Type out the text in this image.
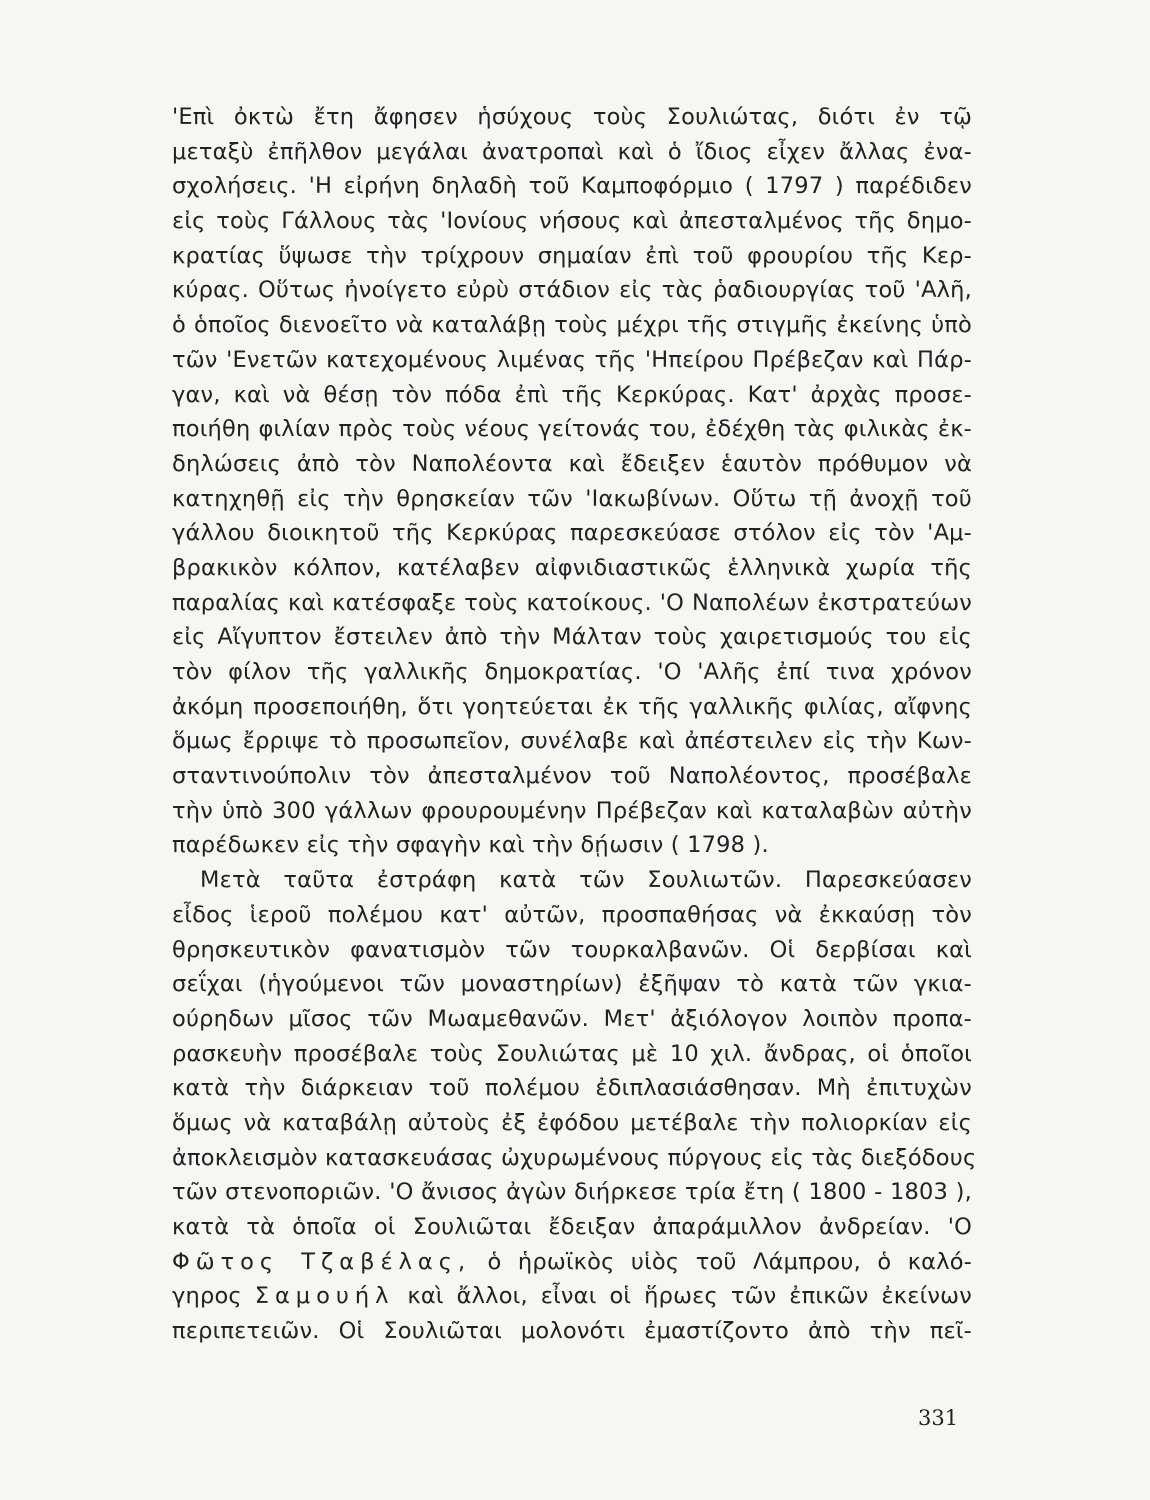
'Επὶ ὀκτὼ ἔτη ἄφησεν ἡσύχους τοὺς Σουλιώτας, διότι ἐν τῷ
μεταξὺ ἐπῆλθον μεγάλαι ἀνατροπαὶ καὶ ὁ ἴδιος εἶχεν ἄλλας ἐνα-
σχολήσεις. 'Η εἰρήνη δηλαδὴ τοῦ Καμποφόρμιο ( 1797 ) παρέδιδεν
εἰς τοὺς Γάλλους τὰς 'Ιονίους νήσους καὶ ἀπεσταλμένος τῆς δημο-
κρατίας ὕψωσε τὴν τρίχρουν σημαίαν ἐπὶ τοῦ φρουρίου τῆς Κερ-
κύρας. Οὕτως ἠνοίγετο εὐρὺ στάδιον εἰς τὰς ῥαδιουργίας τοῦ 'Αλῆ,
ὁ ὁποῖος διενοεῖτο νὰ καταλάβῃ τοὺς μέχρι τῆς στιγμῆς ἐκείνης ὑπὸ
τῶν 'Ενετῶν κατεχομένους λιμένας τῆς 'Ηπείρου Πρέβεζαν καὶ Πάρ-
γαν, καὶ νὰ θέσῃ τὸν πόδα ἐπὶ τῆς Κερκύρας. Κατ' ἀρχὰς προσε-
ποιήθη φιλίαν πρὸς τοὺς νέους γείτονάς του, ἐδέχθη τὰς φιλικὰς ἐκ-
δηλώσεις ἀπὸ τὸν Ναπολέοντα καὶ ἔδειξεν ἑαυτὸν πρόθυμον νὰ
κατηχηθῇ εἰς τὴν θρησκείαν τῶν 'Ιακωβίνων. Οὕτω τῇ ἀνοχῇ τοῦ
γάλλου διοικητοῦ τῆς Κερκύρας παρεσκεύασε στόλον εἰς τὸν 'Αμ-
βρακικὸν κόλπον, κατέλαβεν αἰφνιδιαστικῶς ἑλληνικὰ χωρία τῆς
παραλίας καὶ κατέσφαξε τοὺς κατοίκους. 'Ο Ναπολέων ἐκστρατεύων
εἰς Αἴγυπτον ἔστειλεν ἀπὸ τὴν Μάλταν τοὺς χαιρετισμούς του εἰς
τὸν φίλον τῆς γαλλικῆς δημοκρατίας. 'Ο 'Αλῆς ἐπί τινα χρόνον
ἀκόμη προσεποιήθη, ὅτι γοητεύεται ἐκ τῆς γαλλικῆς φιλίας, αἴφνης
ὅμως ἔρριψε τὸ προσωπεῖον, συνέλαβε καὶ ἀπέστειλεν εἰς τὴν Κων-
σταντινούπολιν τὸν ἀπεσταλμένον τοῦ Ναπολέοντος, προσέβαλε
τὴν ὑπὸ 300 γάλλων φρουρουμένην Πρέβεζαν καὶ καταλαβὼν αὐτὴν
παρέδωκεν εἰς τὴν σφαγὴν καὶ τὴν δῄωσιν ( 1798 ).
Μετὰ ταῦτα ἐστράφη κατὰ τῶν Σουλιωτῶν. Παρεσκεύασεν
εἶδος ἱεροῦ πολέμου κατ' αὐτῶν, προσπαθήσας νὰ ἐκκαύσῃ τὸν
θρησκευτικὸν φανατισμὸν τῶν τουρκαλβανῶν. Οἱ δερβίσαι καὶ
σεΐχαι (ἡγούμενοι τῶν μοναστηρίων) ἐξῆψαν τὸ κατὰ τῶν γκια-
ούρηδων μῖσος τῶν Μωαμεθανῶν. Μετ' ἀξιόλογον λοιπὸν προπα-
ρασκευὴν προσέβαλε τοὺς Σουλιώτας μὲ 10 χιλ. ἄνδρας, οἱ ὁποῖοι
κατὰ τὴν διάρκειαν τοῦ πολέμου ἐδιπλασιάσθησαν. Μὴ ἐπιτυχὼν
ὅμως νὰ καταβάλῃ αὐτοὺς ἐξ ἐφόδου μετέβαλε τὴν πολιορκίαν εἰς
ἀποκλεισμὸν κατασκευάσας ὠχυρωμένους πύργους εἰς τὰς διεξόδους
τῶν στενοποριῶν. 'Ο ἄνισος ἀγὼν διήρκεσε τρία ἔτη ( 1800 - 1803 ),
κατὰ τὰ ὁποῖα οἱ Σουλιῶται ἔδειξαν ἀπαράμιλλον ἀνδρείαν. 'Ο
Φῶτος Τζαβέλας, ὁ ἡρωϊκὸς υἱὸς τοῦ Λάμπρου, ὁ καλό-
γηρος Σαμουήλ καὶ ἄλλοι, εἶναι οἱ ἥρωες τῶν ἐπικῶν ἐκείνων
περιπετειῶν. Οἱ Σουλιῶται μολονότι ἐμαστίζοντο ἀπὸ τὴν πεῖ-
331
